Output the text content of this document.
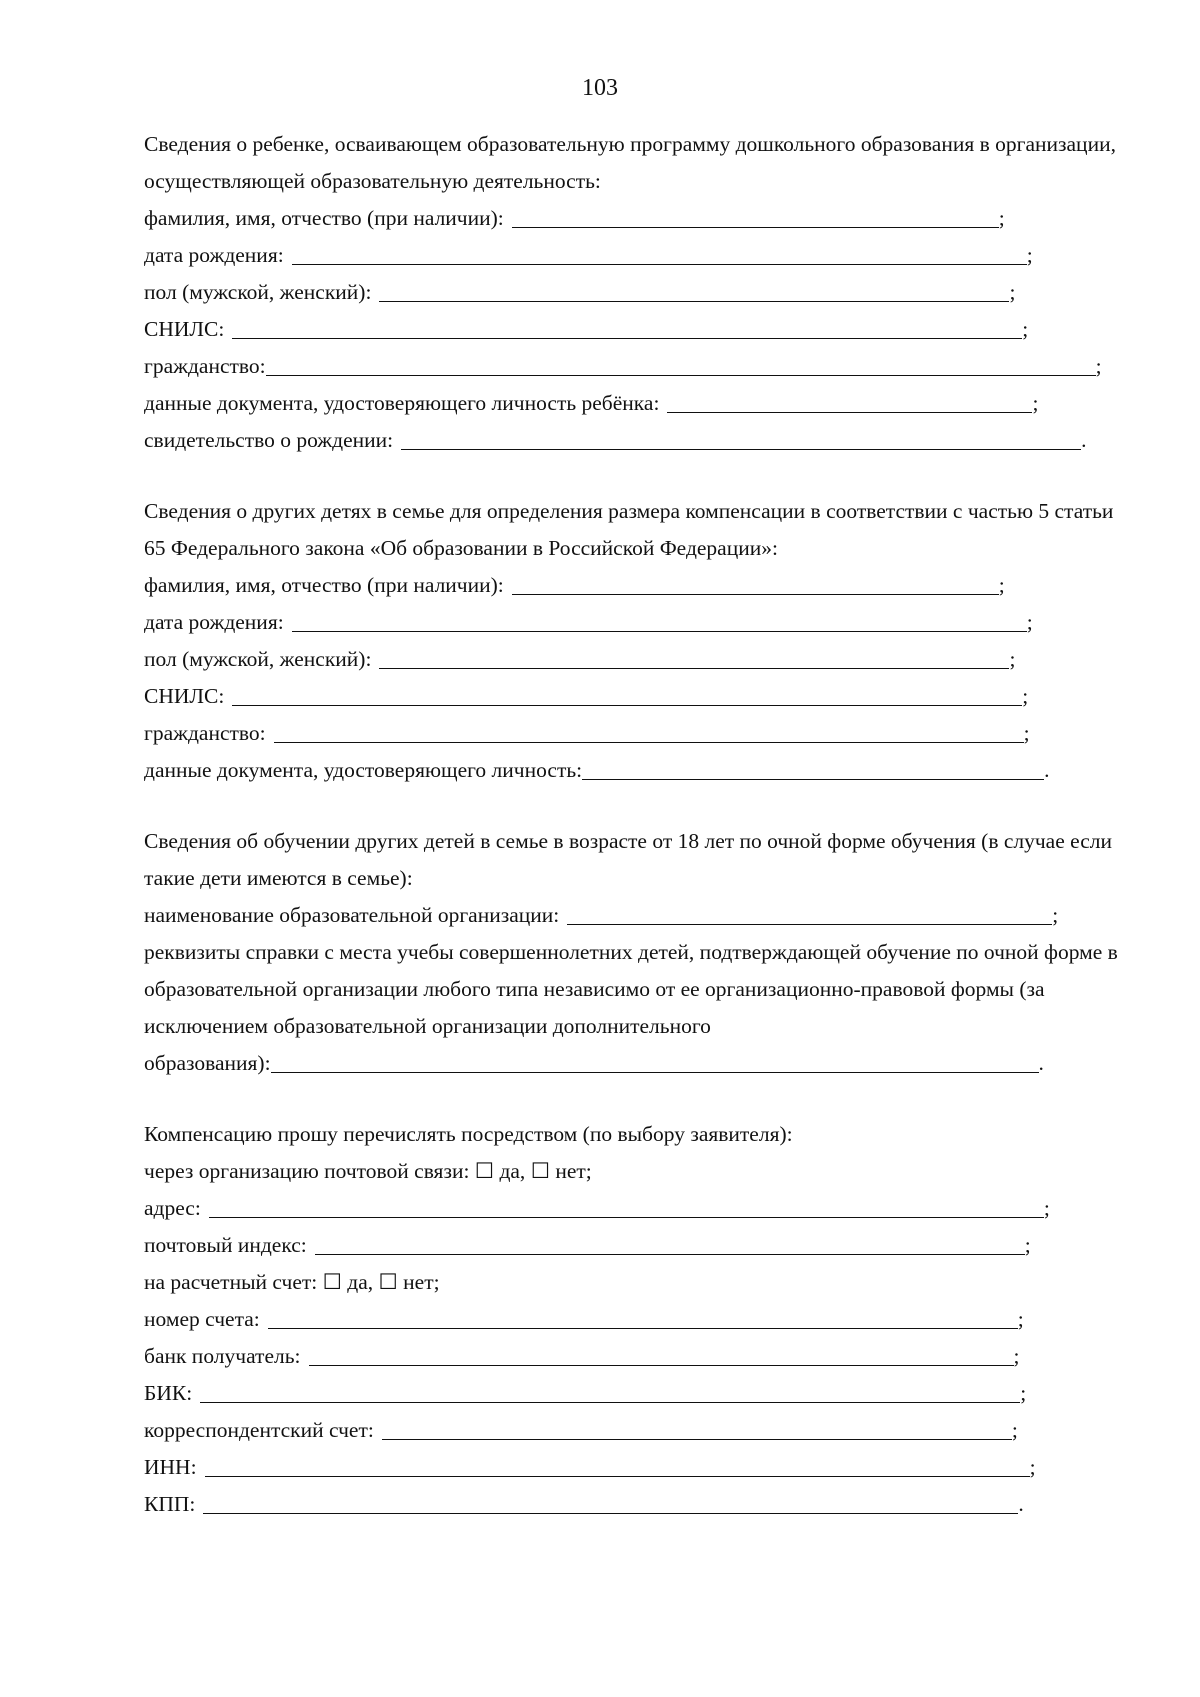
103

Сведения о ребенке, осваивающем образовательную программу дошкольного образования в организации, осуществляющей образовательную деятельность:

фамилия, имя, отчество (при наличии):	;
дата рождения:	;
пол (мужской, женский):	;
СНИЛС:	;
гражданство:	;
данные документа, удостоверяющего личность ребёнка:	;
свидетельство о рождении:	.

Сведения о других детях в семье для определения размера компенсации в соответствии с частью 5 статьи 65 Федерального закона «Об образовании в Российской Федерации»:

фамилия, имя, отчество (при наличии):	;
дата рождения:	;
пол (мужской, женский):	;
СНИЛС:	;
гражданство:	;
данные документа, удостоверяющего личность:	.

Сведения об обучении других детей в семье в возрасте от 18 лет по очной форме обучения (в случае если такие дети имеются в семье):

наименование образовательной организации:	;

реквизиты справки с места учебы совершеннолетних детей, подтверждающей обучение по очной форме в образовательной организации любого типа независимо от ее организационно-правовой формы (за исключением образовательной организации дополнительного

образования):	.

Компенсацию прошу перечислять посредством (по выбору заявителя):

через организацию почтовой связи:
☐
да,
☐
нет;
адрес:	;
почтовый индекс:	;
на расчетный счет:
☐
да,
☐
нет;
номер счета:	;
банк получатель:	;
БИК:	;
корреспондентский счет:	;
ИНН:	;
КПП:	.
